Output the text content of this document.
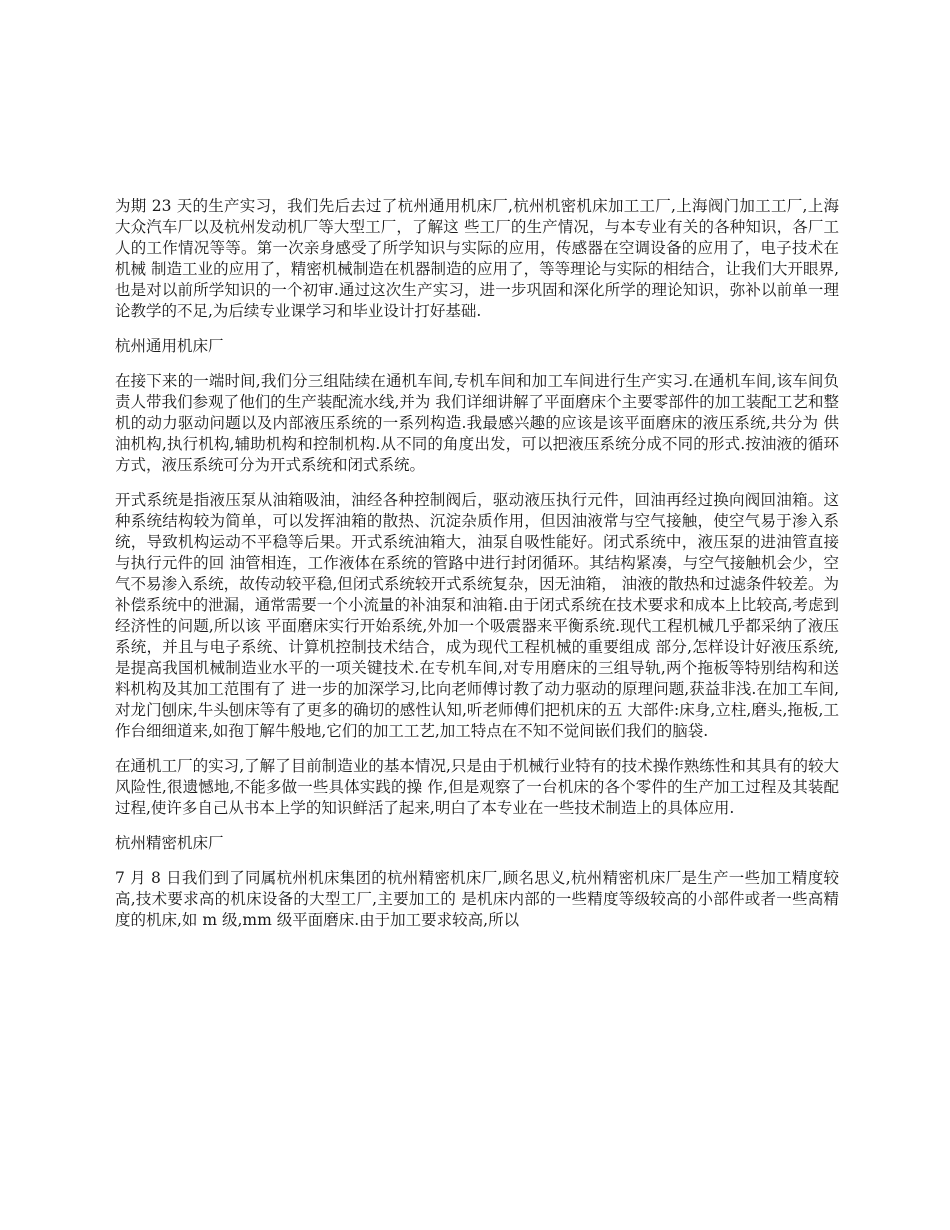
为期 23 天的生产实习，我们先后去过了杭州通用机床厂,杭州机密机床加工工厂,上海阀门加工工厂,上海大众汽车厂以及杭州发动机厂等大型工厂，了解这 些工厂的生产情况，与本专业有关的各种知识，各厂工人的工作情况等等。第一次亲身感受了所学知识与实际的应用，传感器在空调设备的应用了，电子技术在机械 制造工业的应用了，精密机械制造在机器制造的应用了，等等理论与实际的相结合，让我们大开眼界,也是对以前所学知识的一个初审.通过这次生产实习，进一步巩固和深化所学的理论知识，弥补以前单一理论教学的不足,为后续专业课学习和毕业设计打好基础.

杭州通用机床厂

在接下来的一端时间,我们分三组陆续在通机车间,专机车间和加工车间进行生产实习.在通机车间,该车间负责人带我们参观了他们的生产装配流水线,并为 我们详细讲解了平面磨床个主要零部件的加工装配工艺和整机的动力驱动问题以及内部液压系统的一系列构造.我最感兴趣的应该是该平面磨床的液压系统,共分为 供油机构,执行机构,辅助机构和控制机构.从不同的角度出发，可以把液压系统分成不同的形式.按油液的循环方式，液压系统可分为开式系统和闭式系统。

开式系统是指液压泵从油箱吸油，油经各种控制阀后，驱动液压执行元件，回油再经过换向阀回油箱。这种系统结构较为简单，可以发挥油箱的散热、沉淀杂质作用，但因油液常与空气接触，使空气易于渗入系统，导致机构运动不平稳等后果。开式系统油箱大，油泵自吸性能好。闭式系统中，液压泵的进油管直接与执行元件的回 油管相连，工作液体在系统的管路中进行封闭循环。其结构紧凑，与空气接触机会少，空气不易渗入系统，故传动较平稳,但闭式系统较开式系统复杂，因无油箱， 油液的散热和过滤条件较差。为补偿系统中的泄漏，通常需要一个小流量的补油泵和油箱.由于闭式系统在技术要求和成本上比较高,考虑到经济性的问题,所以该 平面磨床实行开始系统,外加一个吸震器来平衡系统.现代工程机械几乎都采纳了液压系统，并且与电子系统、计算机控制技术结合，成为现代工程机械的重要组成 部分,怎样设计好液压系统,是提高我国机械制造业水平的一项关键技术.在专机车间,对专用磨床的三组导轨,两个拖板等特别结构和送料机构及其加工范围有了 进一步的加深学习,比向老师傅讨教了动力驱动的原理问题,获益非浅.在加工车间,对龙门刨床,牛头刨床等有了更多的确切的感性认知,听老师傅们把机床的五 大部件:床身,立柱,磨头,拖板,工作台细细道来,如孢丁解牛般地,它们的加工工艺,加工特点在不知不觉间嵌们我们的脑袋.

在通机工厂的实习,了解了目前制造业的基本情况,只是由于机械行业特有的技术操作熟练性和其具有的较大风险性,很遗憾地,不能多做一些具体实践的操 作,但是观察了一台机床的各个零件的生产加工过程及其装配过程,使许多自己从书本上学的知识鲜活了起来,明白了本专业在一些技术制造上的具体应用.

杭州精密机床厂

7 月 8 日我们到了同属杭州机床集团的杭州精密机床厂,顾名思义,杭州精密机床厂是生产一些加工精度较高,技术要求高的机床设备的大型工厂,主要加工的 是机床内部的一些精度等级较高的小部件或者一些高精度的机床,如 m 级,mm 级平面磨床.由于加工要求较高,所以
